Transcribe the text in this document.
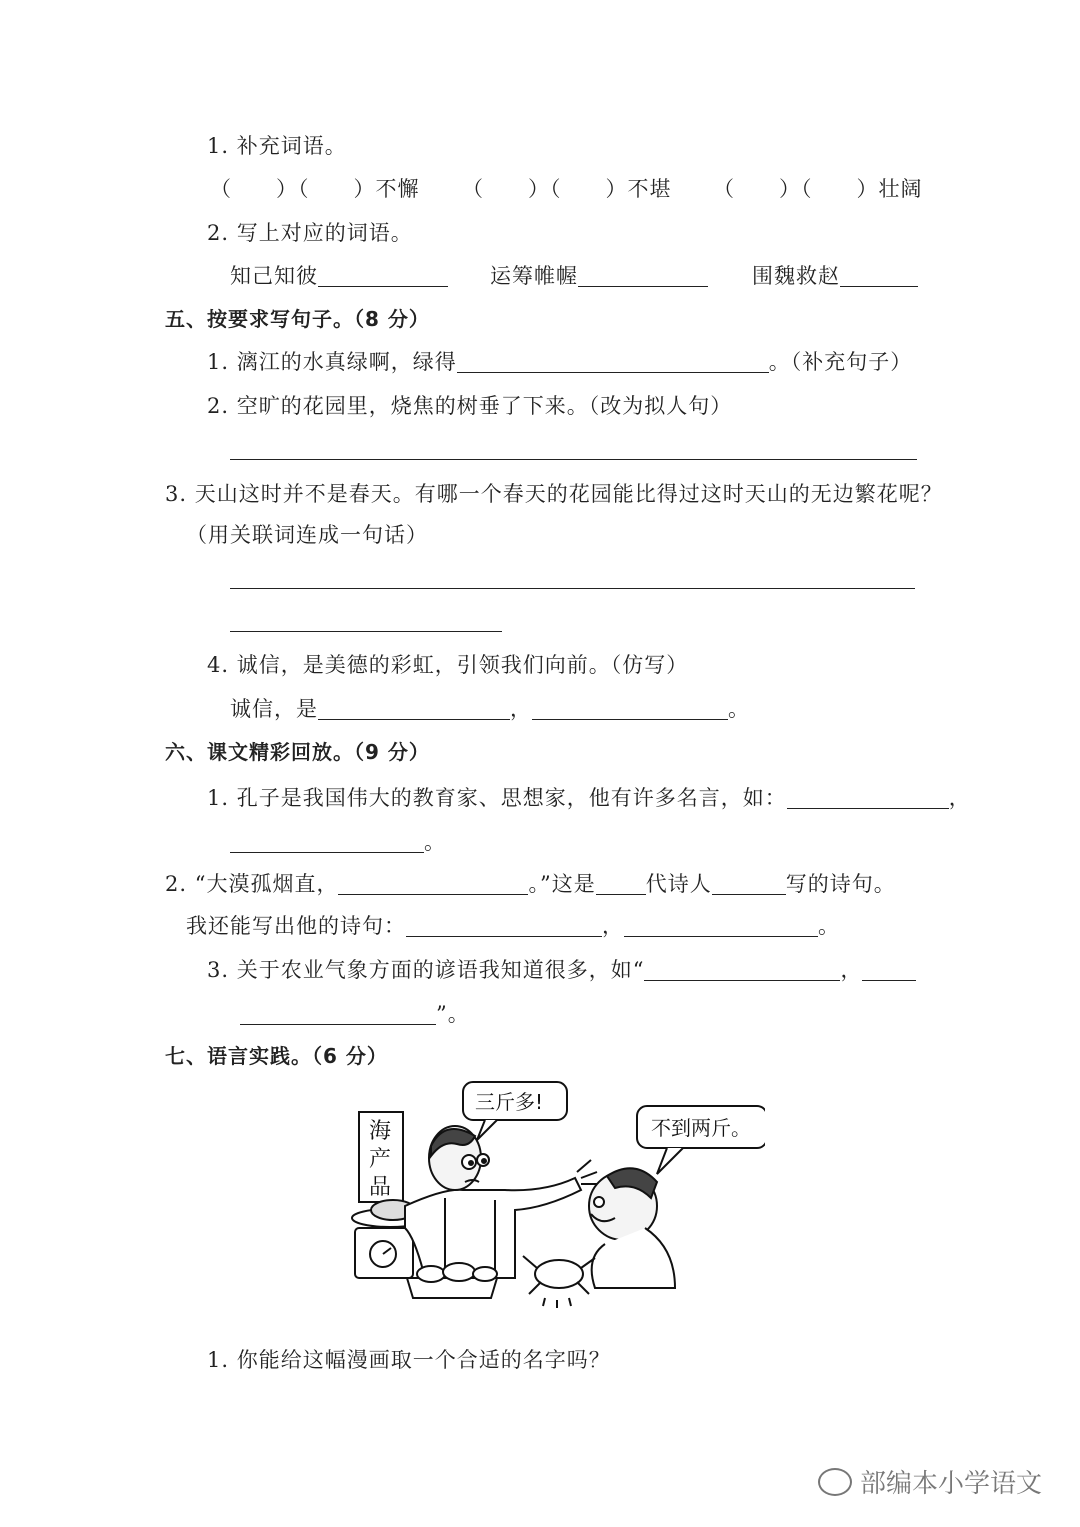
1. 补充词语。
（　　）（　　）不懈 （　　）（　　）不堪 （　　）（　　）壮阔
2. 写上对应的词语。
知己知彼	运筹帷幄	围魏救赵
五、按要求写句子。（8 分）
1. 漓江的水真绿啊，绿得	。（补充句子）
2. 空旷的花园里，烧焦的树垂了下来。（改为拟人句）
3. 天山这时并不是春天。有哪一个春天的花园能比得过这时天山的无边繁花呢？
（用关联词连成一句话）
4. 诚信，是美德的彩虹，引领我们向前。（仿写）
诚信，是	，	。
六、课文精彩回放。（9 分）
1. 孔子是我国伟大的教育家、思想家，他有许多名言，如：	，
。
2. “大漠孤烟直，	。”这是 代诗人	写的诗句。
我还能写出他的诗句：	，	。
3. 关于农业气象方面的谚语我知道很多，如“	，
”。
七、语言实践。（6 分）
三斤多!
不到两斤。
海
产
品
1. 你能给这幅漫画取一个合适的名字吗？
部编本小学语文
